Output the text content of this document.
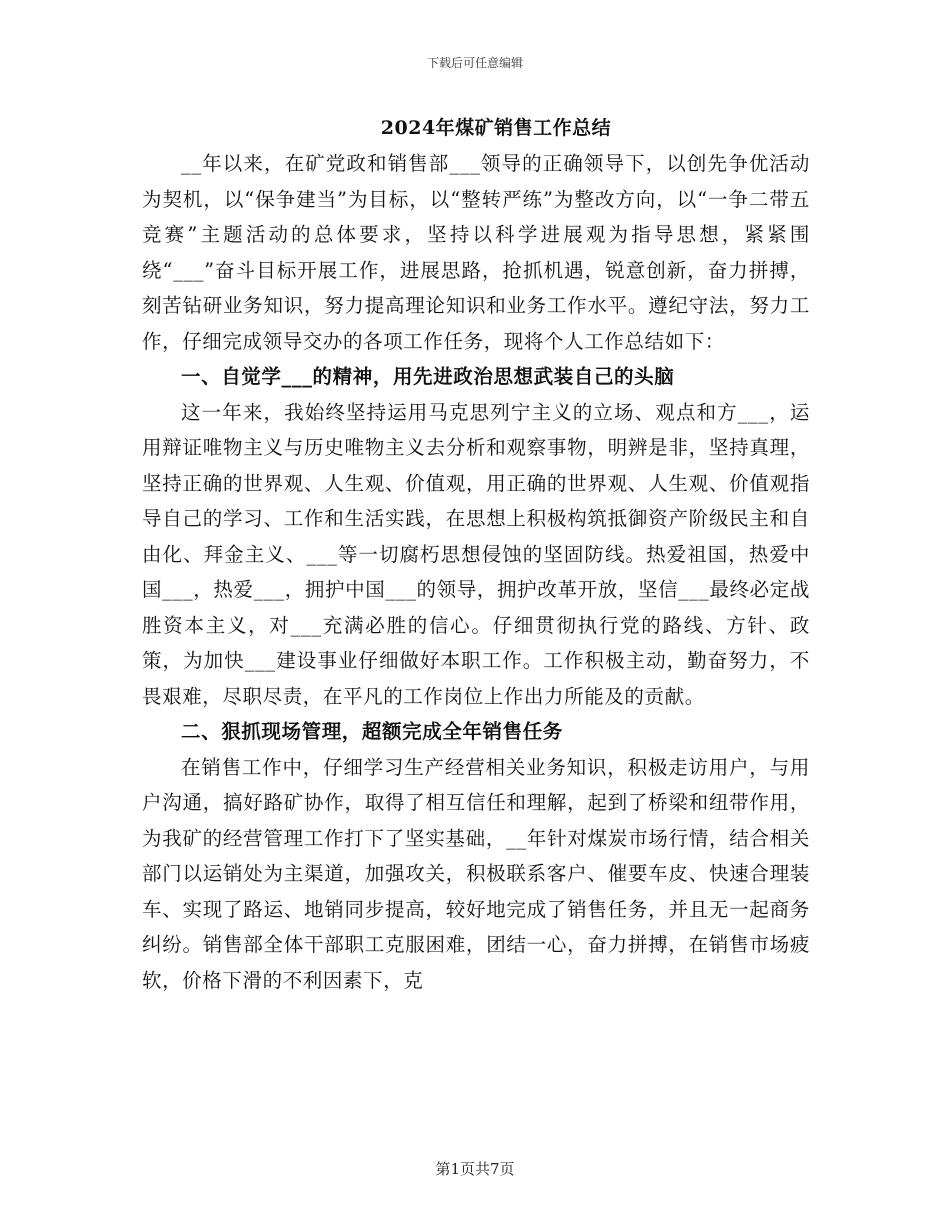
下载后可任意编辑
2024年煤矿销售工作总结

__年以来，在矿党政和销售部___领导的正确领导下，以创先争优活动为契机，以“保争建当”为目标，以“整转严练”为整改方向，以“一争二带五竞赛”主题活动的总体要求，坚持以科学进展观为指导思想，紧紧围绕“___”奋斗目标开展工作，进展思路，抢抓机遇，锐意创新，奋力拼搏，刻苦钻研业务知识，努力提高理论知识和业务工作水平。遵纪守法，努力工作，仔细完成领导交办的各项工作任务，现将个人工作总结如下：

一、自觉学___的精神，用先进政治思想武装自己的头脑

这一年来，我始终坚持运用马克思列宁主义的立场、观点和方___，运用辩证唯物主义与历史唯物主义去分析和观察事物，明辨是非，坚持真理，坚持正确的世界观、人生观、价值观，用正确的世界观、人生观、价值观指导自己的学习、工作和生活实践，在思想上积极构筑抵御资产阶级民主和自由化、拜金主义、___等一切腐朽思想侵蚀的坚固防线。热爱祖国，热爱中国___，热爱___，拥护中国___的领导，拥护改革开放，坚信___最终必定战胜资本主义，对___充满必胜的信心。仔细贯彻执行党的路线、方针、政策，为加快___建设事业仔细做好本职工作。工作积极主动，勤奋努力，不畏艰难，尽职尽责，在平凡的工作岗位上作出力所能及的贡献。

二、狠抓现场管理，超额完成全年销售任务

在销售工作中，仔细学习生产经营相关业务知识，积极走访用户，与用户沟通，搞好路矿协作，取得了相互信任和理解，起到了桥梁和纽带作用，为我矿的经营管理工作打下了坚实基础，__年针对煤炭市场行情，结合相关部门以运销处为主渠道，加强攻关，积极联系客户、催要车皮、快速合理装车、实现了路运、地销同步提高，较好地完成了销售任务，并且无一起商务纠纷。销售部全体干部职工克服困难，团结一心，奋力拼搏，在销售市场疲软，价格下滑的不利因素下，克

第1页共7页
